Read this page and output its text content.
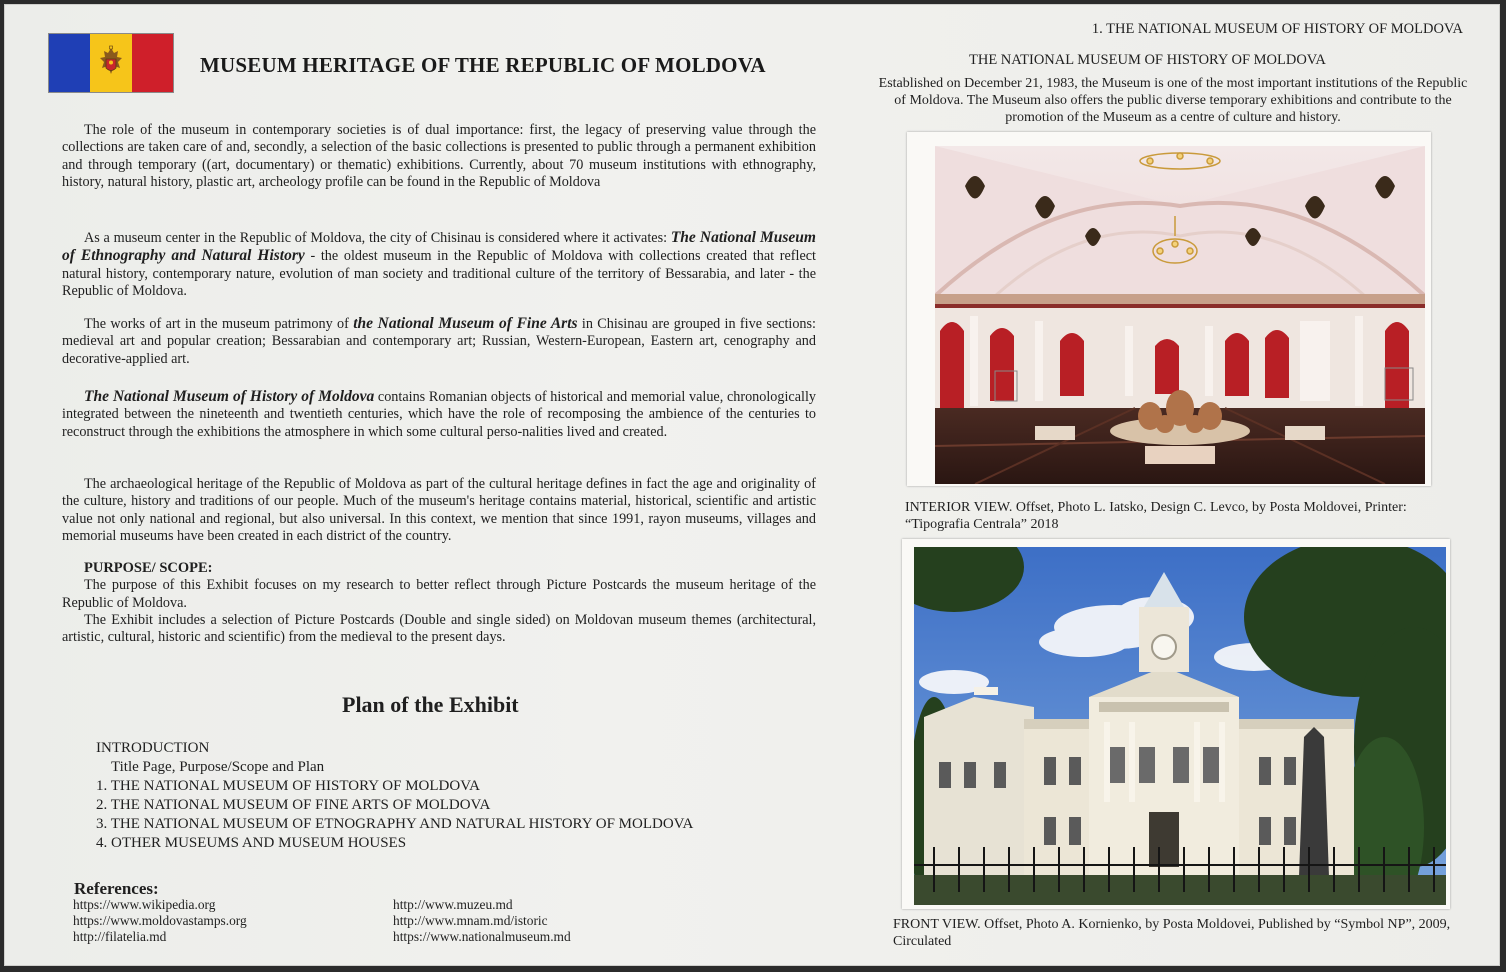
MUSEUM HERITAGE OF THE REPUBLIC OF MOLDOVA
The role of the museum in contemporary societies is of dual importance: first, the legacy of preserving value through the collections are taken care of and, secondly, a selection of the basic collections is presented to public through a permanent exhibition and through temporary ((art, documentary) or thematic) exhibitions. Currently, about 70 museum institutions with ethnography, history, natural history, plastic art, archeology profile can be found in the Republic of Moldova
As a museum center in the Republic of Moldova, the city of Chisinau is considered where it activates: The National Museum of Ethnography and Natural History - the oldest museum in the Republic of Moldova with collections created that reflect natural history, contemporary nature, evolution of man society and traditional culture of the territory of Bessarabia, and later - the Republic of Moldova.
The works of art in the museum patrimony of the National Museum of Fine Arts in Chisinau are grouped in five sections: medieval art and popular creation; Bessarabian and contemporary art; Russian, Western-European, Eastern art, cenography and decorative-applied art.
The National Museum of History of Moldova contains Romanian objects of historical and memorial value, chronologically integrated between the nineteenth and twentieth centuries, which have the role of recomposing the ambience of the centuries to reconstruct through the exhibitions the atmosphere in which some cultural perso-nalities lived and created.
The archaeological heritage of the Republic of Moldova as part of the cultural heritage defines in fact the age and originality of the culture, history and traditions of our people. Much of the museum's heritage contains material, historical, scientific and artistic value not only national and regional, but also universal. In this context, we mention that since 1991, rayon museums, villages and memorial museums have been created in each district of the country.
PURPOSE/ SCOPE:
The purpose of this Exhibit focuses on my research to better reflect through Picture Postcards the museum heritage of the Republic of Moldova.
The Exhibit includes a selection of Picture Postcards (Double and single sided) on Moldovan museum themes (architectural, artistic, cultural, historic and scientific) from the medieval to the present days.
Plan of the Exhibit
INTRODUCTION
Title Page, Purpose/Scope and Plan
1. THE NATIONAL MUSEUM OF HISTORY OF MOLDOVA
2. THE NATIONAL MUSEUM OF FINE ARTS OF MOLDOVA
3. THE NATIONAL MUSEUM OF ETNOGRAPHY AND NATURAL HISTORY OF MOLDOVA
4. OTHER MUSEUMS AND MUSEUM HOUSES
References:
https://www.wikipedia.org
https://www.moldovastamps.org
http://filatelia.md
http://www.muzeu.md
http://www.mnam.md/istoric
https://www.nationalmuseum.md
1. THE NATIONAL MUSEUM OF HISTORY OF MOLDOVA
THE NATIONAL MUSEUM OF HISTORY OF MOLDOVA
Established on December 21, 1983, the Museum is one of the most important institutions of the Republic of Moldova. The Museum also offers the public diverse temporary exhibitions and contribute to the promotion of the Museum as a centre of culture and history.
INTERIOR VIEW. Offset, Photo L. Iatsko, Design C. Levco, by Posta Moldovei, Printer: “Tipografia Centrala” 2018
FRONT VIEW. Offset, Photo A. Kornienko, by Posta Moldovei, Published by “Symbol NP”, 2009, Circulated
